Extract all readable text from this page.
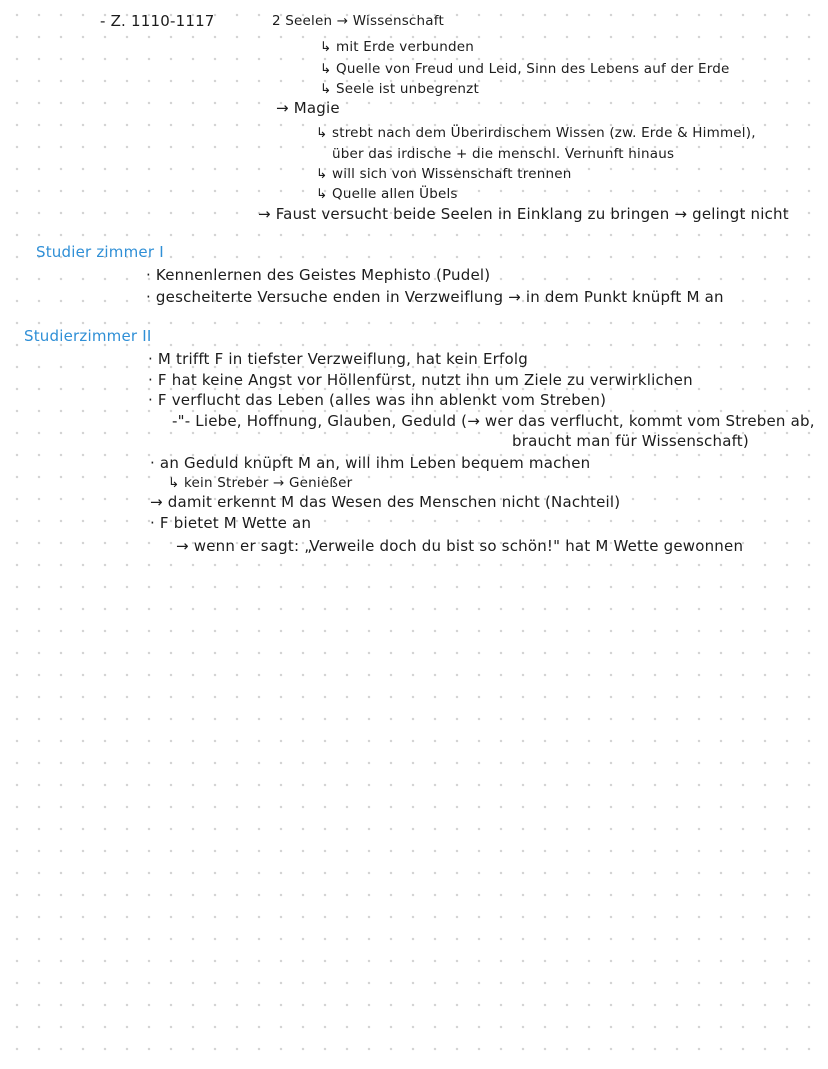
- Z. 1110-1117	2 Seelen → Wissenschaft
↳ mit Erde verbunden
↳ Quelle von Freud und Leid, Sinn des Lebens auf der Erde
↳ Seele ist unbegrenzt
→ Magie
↳ strebt nach dem Überirdischem Wissen (zw. Erde & Himmel),
über das irdische + die menschl. Vernunft hinaus
↳ will sich von Wissenschaft trennen
↳ Quelle allen Übels
→ Faust versucht beide Seelen in Einklang zu bringen → gelingt nicht
Studier zimmer I
· Kennenlernen des Geistes Mephisto (Pudel)
· gescheiterte Versuche enden in Verzweiflung → in dem Punkt knüpft M an
Studierzimmer II
· M trifft F in tiefster Verzweiflung, hat kein Erfolg
· F hat keine Angst vor Höllenfürst, nutzt ihn um Ziele zu verwirklichen
· F verflucht das Leben (alles was ihn ablenkt vom Streben)
-"- Liebe, Hoffnung, Glauben, Geduld (→ wer das verflucht, kommt vom Streben ab,
braucht man für Wissenschaft)
· an Geduld knüpft M an, will ihm Leben bequem machen
↳ kein Streber → Genießer
→ damit erkennt M das Wesen des Menschen nicht (Nachteil)
· F bietet M Wette an
→ wenn er sagt: „Verweile doch du bist so schön!" hat M Wette gewonnen
